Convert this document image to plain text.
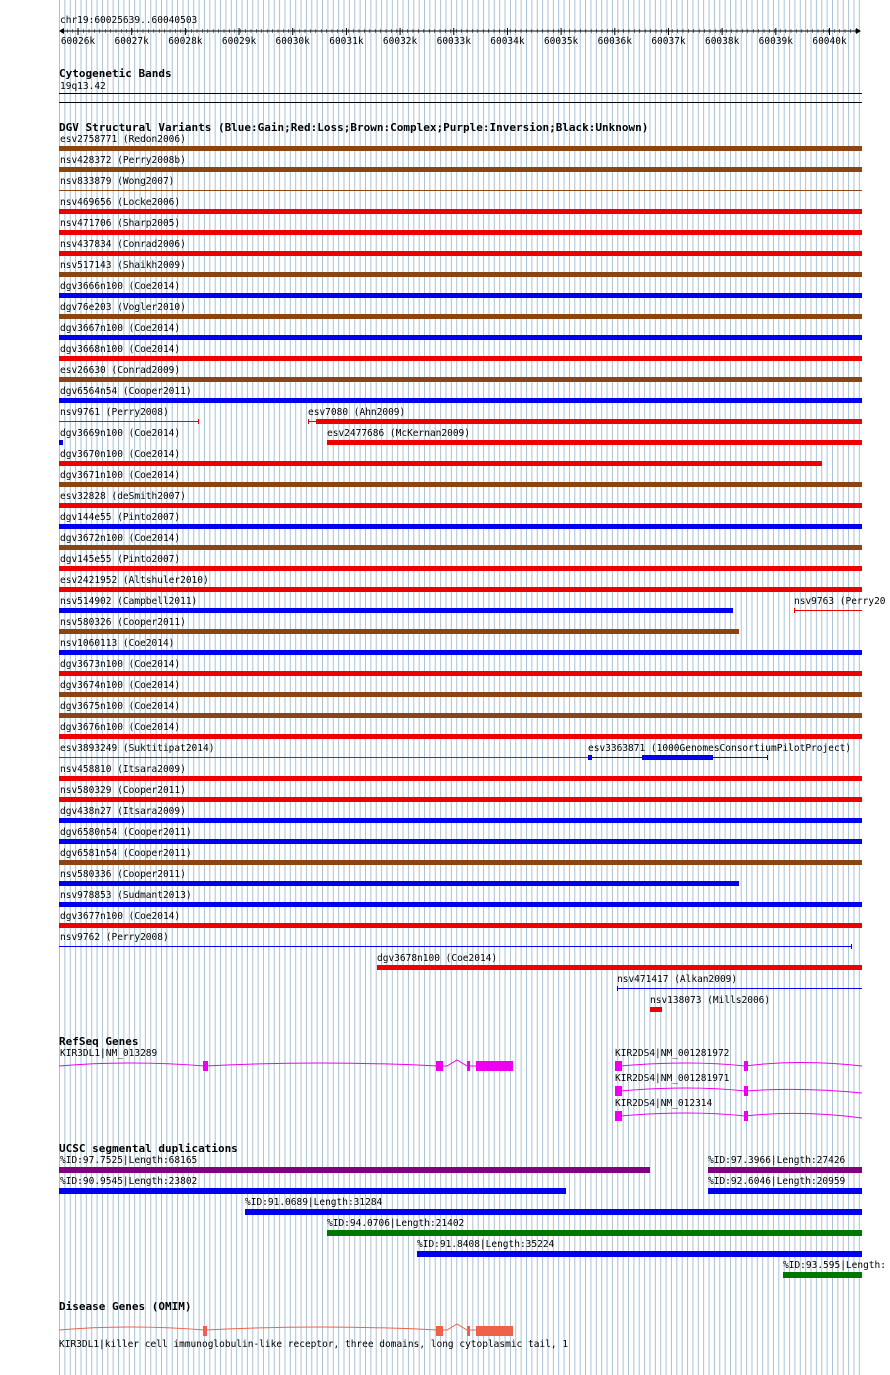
chr19:60025639..60040503
60026k 60027k 60028k 60029k 60030k 60031k 60032k 60033k 60034k 60035k 60036k 60037k 60038k 60039k 60040k
Cytogenetic Bands
19q13.42
DGV Structural Variants (Blue:Gain;Red:Loss;Brown:Complex;Purple:Inversion;Black:Unknown)
esv2758771 (Redon2006)
nsv428372 (Perry2008b)
nsv833879 (Wong2007)
nsv469656 (Locke2006)
nsv471706 (Sharp2005)
nsv437834 (Conrad2006)
nsv517143 (Shaikh2009)
dgv3666n100 (Coe2014)
dgv76e203 (Vogler2010)
dgv3667n100 (Coe2014)
dgv3668n100 (Coe2014)
esv26630 (Conrad2009)
dgv6564n54 (Cooper2011)
nsv9761 (Perry2008)	esv7080 (Ahn2009)
dgv3669n100 (Coe2014)	esv2477686 (McKernan2009)
dgv3670n100 (Coe2014)
dgv3671n100 (Coe2014)
esv32828 (deSmith2007)
dgv144e55 (Pinto2007)
dgv3672n100 (Coe2014)
dgv145e55 (Pinto2007)
esv2421952 (Altshuler2010)
nsv514902 (Campbell2011)	nsv9763 (Perry20
nsv580326 (Cooper2011)
nsv1060113 (Coe2014)
dgv3673n100 (Coe2014)
dgv3674n100 (Coe2014)
dgv3675n100 (Coe2014)
dgv3676n100 (Coe2014)
esv3893249 (Suktitipat2014)	esv3363871 (1000GenomesConsortiumPilotProject)
nsv458810 (Itsara2009)
nsv580329 (Cooper2011)
dgv438n27 (Itsara2009)
dgv6580n54 (Cooper2011)
dgv6581n54 (Cooper2011)
nsv580336 (Cooper2011)
nsv978853 (Sudmant2013)
dgv3677n100 (Coe2014)
nsv9762 (Perry2008)
dgv3678n100 (Coe2014)
nsv471417 (Alkan2009)
nsv138073 (Mills2006)
RefSeq Genes
KIR3DL1|NM_013289	KIR2DS4|NM_001281972
KIR2DS4|NM_001281971
KIR2DS4|NM_012314
UCSC segmental duplications
%ID:97.7525|Length:68165	%ID:97.3966|Length:27426
%ID:90.9545|Length:23802	%ID:92.6046|Length:20959
%ID:91.0689|Length:31284
%ID:94.0706|Length:21402
%ID:91.8408|Length:35224
%ID:93.595|Length:
Disease Genes (OMIM)
KIR3DL1|killer cell immunoglobulin-like receptor, three domains, long cytoplasmic tail, 1
